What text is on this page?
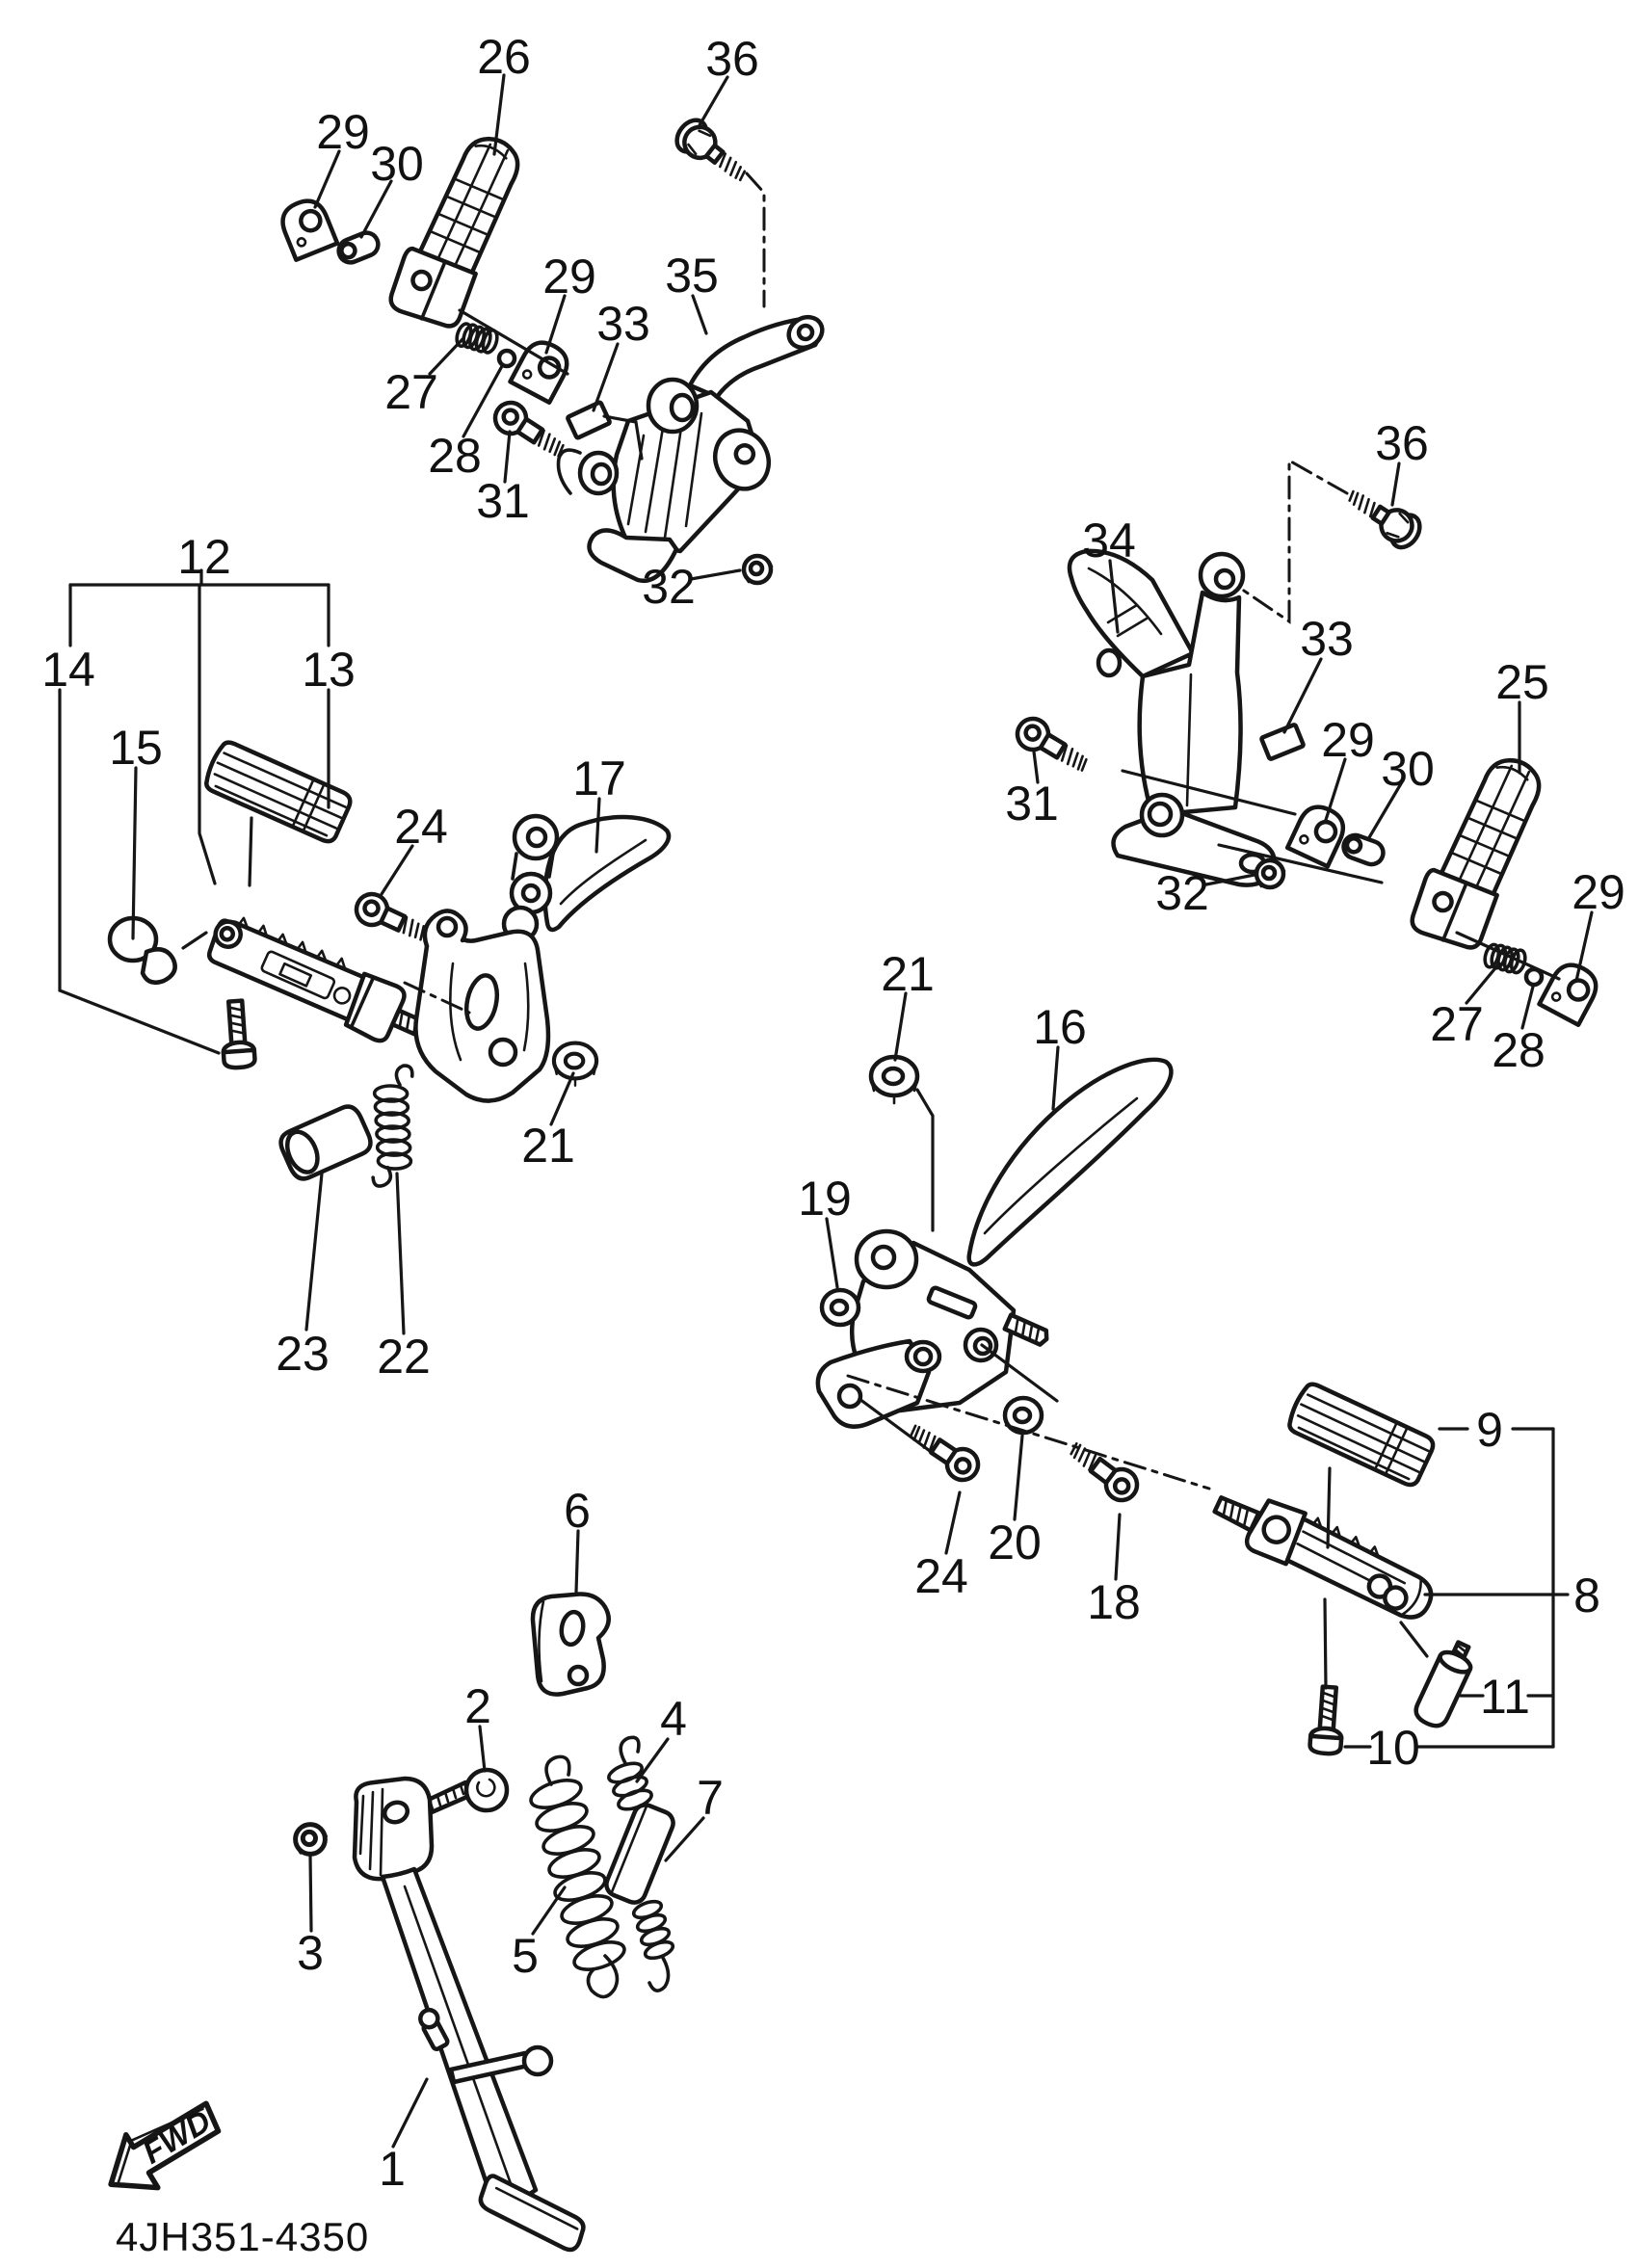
FWD
4JH351-4350
26	36
29
30
27
28
29
33
35
31
32
12
14	13
15
17
24
21
23 22
34
36
33
25
29
30
31
32	29
27 28
21
16
19
24
20
18
9
8
11
10
6
2	4
7
3	5
1
